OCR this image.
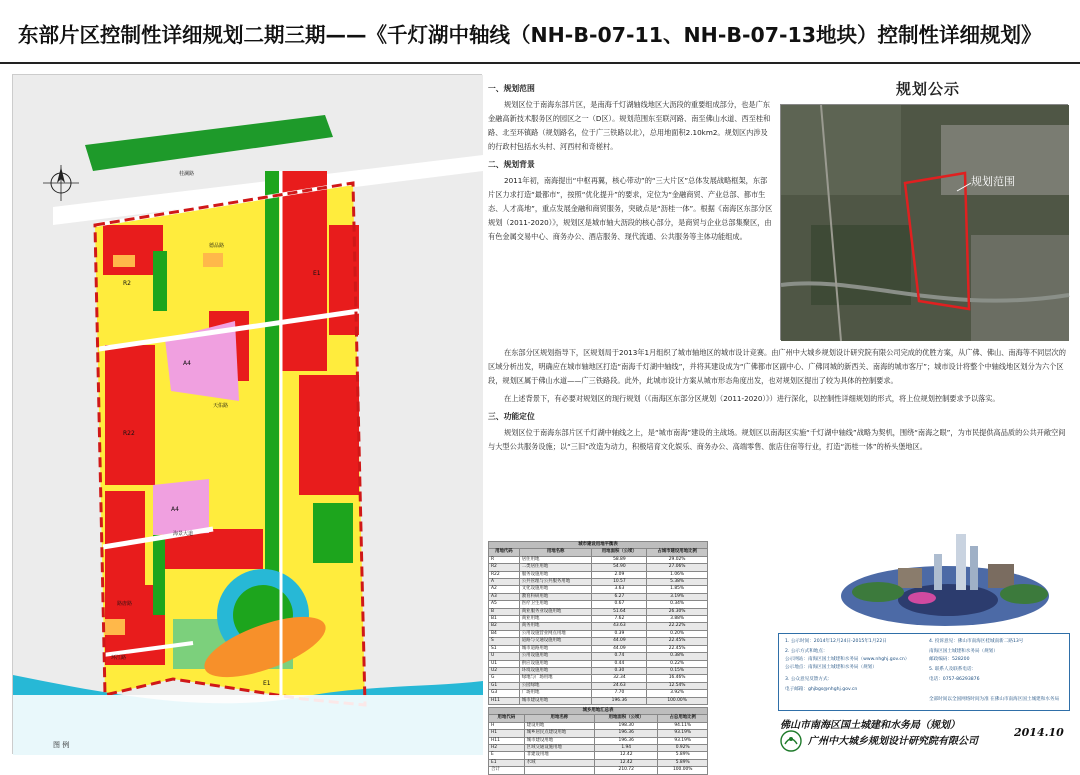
东部片区控制性详细规划二期三期——《千灯湖中轴线（NH-B-07-11、NH-B-07-13地块）控制性详细规划》
图 例
桂澜路
德品路
海景大道
天佑路
路唐路
环江路
R2
A4
A4
R22
E1
E1
一、规划范围
规划区位于南海东部片区，是南海千灯湖轴线地区大沥段的重要组成部分，也是广东金融高新技术服务区的园区之一（D区）。规划范围东至联河路、南至佛山水道、西至桂和路、北至环镇路（规划路名，位于广三铁路以北），总用地面积2.10km2。规划区内涉及的行政村包括水头村、河西村和奇槎村。
二、规划背景
2011年初，南海提出“中枢再翼，核心带动”的“三大片区”总体发展战略框架，东部片区力求打造“最都市”，按照“优化提升”的要求，定位为“金融商贸、产业总部、都市生态、人才高地”，重点发展金融和商贸服务，突破点是“沥桂一体”。根据《南海区东部分区规划（2011-2020）》，规划区是城市轴大沥段的核心部分，是商贸与企业总部集聚区，由有色金属交易中心、商务办公、酒店服务、现代流通、公共服务等主体功能组成。
在东部分区规划指导下，区规划局于2013年1月组织了城市轴地区的城市设计竞赛。由广州中大城乡规划设计研究院有限公司完成的优胜方案，从广佛、佛山、南海等不同层次的区域分析出发，明确应在城市轴地区打造“南海千灯湖中轴线”，并将其建设成为“广佛都市区副中心、广佛同城的新西关、南海的城市客厅”；城市设计将整个中轴线地区划分为六个区段，规划区属于佛山水道——广三铁路段。此外，此城市设计方案从城市形态角度出发，也对规划区提出了较为具体的控制要求。
在上述背景下，有必要对规划区的现行规划（《南海区东部分区规划（2011-2020）》）进行深化，以控制性详细规划的形式，将上位规划控制要求予以落实。
三、功能定位
规划区位于南海东部片区千灯湖中轴线之上，是“城市南海”建设的主战场。规划区以南海区实施“千灯湖中轴线”战略为契机，围绕“南海之眼”，为市民提供高品质的公共开敞空间与大型公共服务设施；以“三旧”改造为动力，积极培育文化娱乐、商务办公、高端零售、旅店住宿等行业，打造“沥桂一体”的桥头堡地区。
规划公示
规划范围
城市建设用地平衡表			
用地代码	用地名称	用地面积（公顷）	占城市建设用地比例
R	居住用地	58.89	29.02%
R2	二类居住用地	54.90	27.06%
R22	服务设施用地	2.09	1.06%
A	公共管理与公共服务用地	10.57	5.38%
A2	文化设施用地	3.63	1.85%
A3	教育科研用地	6.27	3.19%
A5	医疗卫生用地	0.67	0.34%
B	商业服务业设施用地	51.64	26.30%
B1	商业用地	7.62	3.88%
B2	商务用地	43.63	22.22%
B4	公用设施营业网点用地	0.39	0.20%
S	道路与交通设施用地	44.09	22.45%
S1	城市道路用地	44.09	22.45%
U	公用设施用地	0.74	0.38%
U1	供应设施用地	0.44	0.22%
U2	环境设施用地	0.30	0.15%
G	绿地与广场用地	32.34	16.46%
G1	公园绿地	24.63	12.54%
G3	广场用地	7.70	3.92%
H11	城市建设用地	196.36	100.00%
城乡用地汇总表			
用地代码	用地名称	用地面积（公顷）	占总用地比例
H	建设用地	198.30	94.11%
H1	城乡居民点建设用地	196.36	93.19%
H11	城市建设用地	196.36	93.19%
H2	区域交通设施用地	1.94	0.92%
E	非建设用地	12.42	5.89%
E1	水域	12.42	5.89%
合计		210.72	100.00%
1. 公示时间：2014年12月24日-2015年1月22日
2. 公示方式和地点：
公示网站：南海区国土城建和水务局（www.nhghj.gov.cn）
公示地点：南海区国土城建和水务局（规划）
3. 公众意见反馈方式：
电子邮箱：ghjbgs@nhghj.gov.cn
4. 投诉意见：佛山市南海区桂城南新二路13号
南海区国土城建和水务局（规划）
邮政编码：528200
5. 联系人及联系电话：
电话：0757-86293876
全部时间以全国网络时间为准 在佛山市南海区国土城建和水务局
佛山市南海区国土城建和水务局（规划）
广州中大城乡规划设计研究院有限公司
2014.10
